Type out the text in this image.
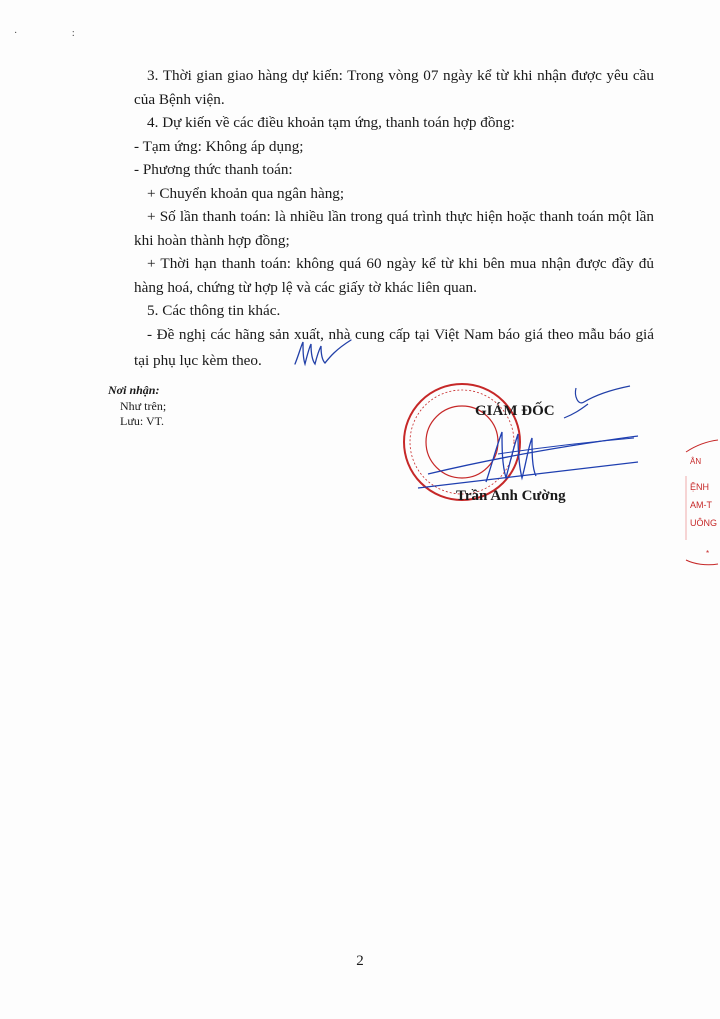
· :

3. Thời gian giao hàng dự kiến: Trong vòng 07 ngày kể từ khi nhận được yêu cầu của Bệnh viện.

4. Dự kiến về các điều khoản tạm ứng, thanh toán hợp đồng:

- Tạm ứng: Không áp dụng;

- Phương thức thanh toán:

+ Chuyển khoản qua ngân hàng;

+ Số lần thanh toán: là nhiều lần trong quá trình thực hiện hoặc thanh toán một lần khi hoàn thành hợp đồng;

+ Thời hạn thanh toán: không quá 60 ngày kể từ khi bên mua nhận được đầy đủ hàng hoá, chứng từ hợp lệ và các giấy tờ khác liên quan.

5. Các thông tin khác.

- Đề nghị các hãng sản xuất, nhà cung cấp tại Việt Nam báo giá theo mẫu báo giá tại phụ lục kèm theo.

Nơi nhận:
Như trên;
Lưu: VT.
GIÁM ĐỐC
Trần Anh Cường
ÂN
ỆNH
AM-T
UÔNG
*
2
